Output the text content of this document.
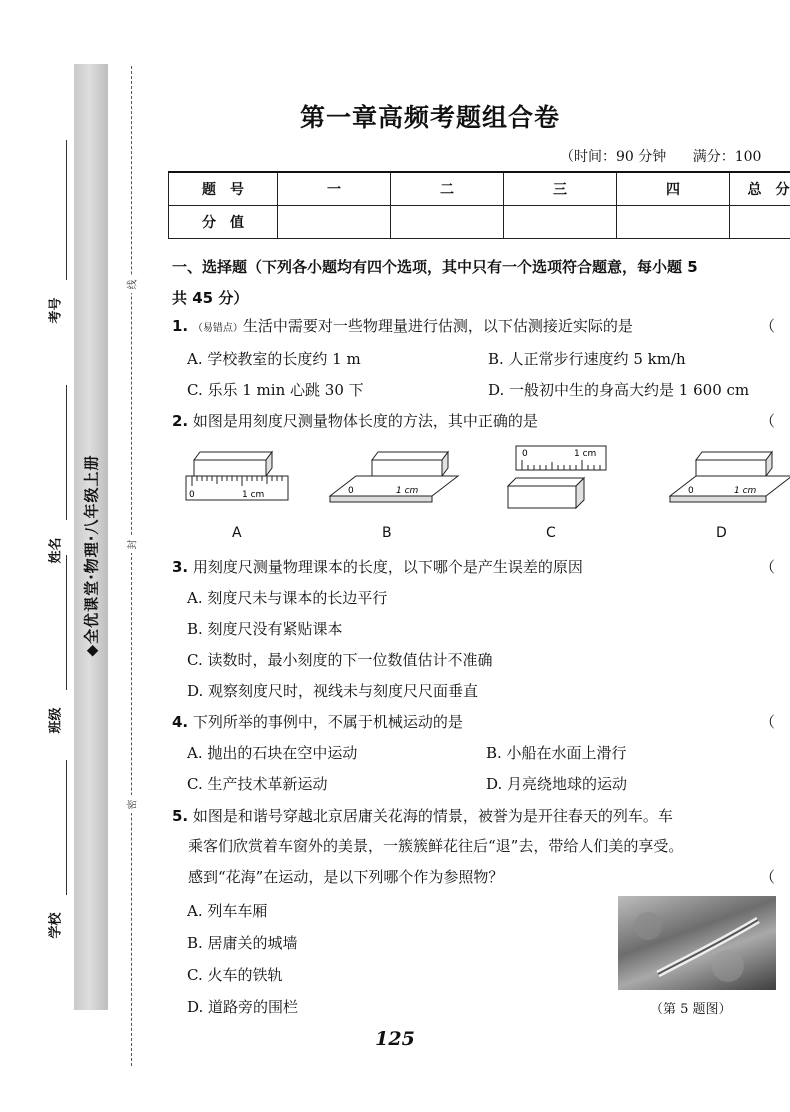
◆全优课堂·物理·八年级上册
考号
姓名
班级
学校
线
封
密
第一章高频考题组合卷
（时间：90 分钟 满分：100
题　号	一	二	三	四	总　分
分　值					
一、选择题（下列各小题均有四个选项，其中只有一个选项符合题意，每小题 5
共 45 分）
1. （易错点）生活中需要对一些物理量进行估测，以下估测接近实际的是	（
A. 学校教室的长度约 1 m	B. 人正常步行速度约 5 km/h
C. 乐乐 1 min 心跳 30 下	D. 一般初中生的身高大约是 1 600 cm
2. 如图是用刻度尺测量物体长度的方法，其中正确的是	（
0	1 cm	0	1 cm
0	1 cm
0	1 cm
A	B	C	D
3. 用刻度尺测量物理课本的长度，以下哪个是产生误差的原因	（
A. 刻度尺未与课本的长边平行
B. 刻度尺没有紧贴课本
C. 读数时，最小刻度的下一位数值估计不准确
D. 观察刻度尺时，视线未与刻度尺尺面垂直
4. 下列所举的事例中，不属于机械运动的是	（
A. 抛出的石块在空中运动	B. 小船在水面上滑行
C. 生产技术革新运动	D. 月亮绕地球的运动
5. 如图是和谐号穿越北京居庸关花海的情景，被誉为是开往春天的列车。车
乘客们欣赏着车窗外的美景，一簇簇鲜花往后“退”去，带给人们美的享受。
感到“花海”在运动，是以下列哪个作为参照物？	（
A. 列车车厢
B. 居庸关的城墙
C. 火车的铁轨
D. 道路旁的围栏	（第 5 题图）
125
